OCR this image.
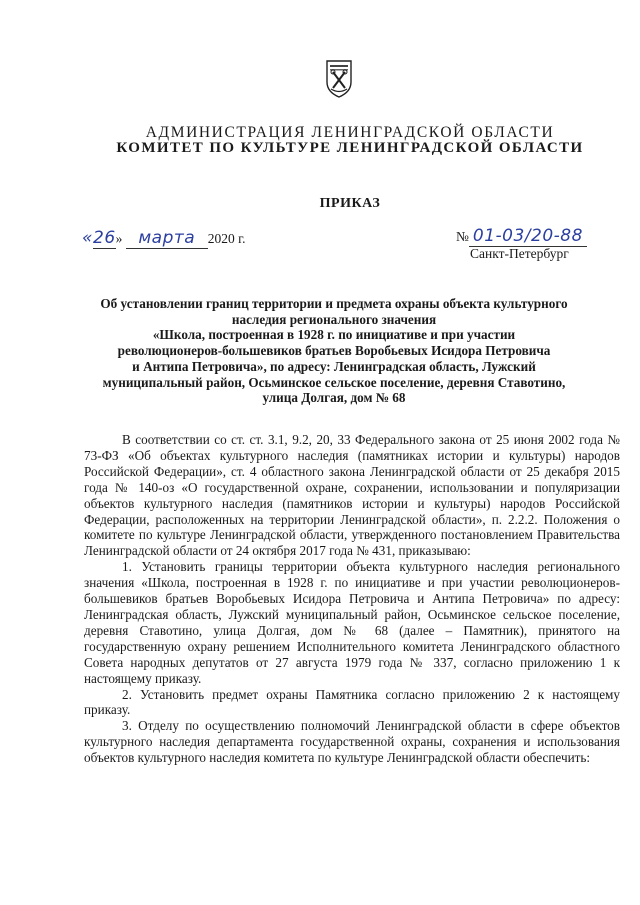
АДМИНИСТРАЦИЯ ЛЕНИНГРАДСКОЙ ОБЛАСТИ
КОМИТЕТ ПО КУЛЬТУРЕ ЛЕНИНГРАДСКОЙ ОБЛАСТИ
ПРИКАЗ
«26» марта 2020 г.	№ 01-03/20-88
Санкт-Петербург
Об установлении границ территории и предмета охраны объекта культурного
наследия регионального значения
«Школа, построенная в 1928 г. по инициативе и при участии
революционеров-большевиков братьев Воробьевых Исидора Петровича
и Антипа Петровича», по адресу: Ленинградская область, Лужский
муниципальный район, Осьминское сельское поселение, деревня Ставотино,
улица Долгая, дом № 68

В соответствии со ст. ст. 3.1, 9.2, 20, 33 Федерального закона от 25 июня 2002 года № 73-ФЗ «Об объектах культурного наследия (памятниках истории и культуры) народов Российской Федерации», ст. 4 областного закона Ленинградской области от 25 декабря 2015 года № 140-оз «О государственной охране, сохранении, использовании и популяризации объектов культурного наследия (памятников истории и культуры) народов Российской Федерации, расположенных на территории Ленинградской области», п. 2.2.2. Положения о комитете по культуре Ленинградской области, утвержденного постановлением Правительства Ленинградской области от 24 октября 2017 года № 431, приказываю:

1. Установить границы территории объекта культурного наследия регионального значения «Школа, построенная в 1928 г. по инициативе и при участии революционеров-большевиков братьев Воробьевых Исидора Петровича и Антипа Петровича» по адресу: Ленинградская область, Лужский муниципальный район, Осьминское сельское поселение, деревня Ставотино, улица Долгая, дом № 68 (далее – Памятник), принятого на государственную охрану решением Исполнительного комитета Ленинградского областного Совета народных депутатов от 27 августа 1979 года № 337, согласно приложению 1 к настоящему приказу.

2. Установить предмет охраны Памятника согласно приложению 2 к настоящему приказу.

3. Отделу по осуществлению полномочий Ленинградской области в сфере объектов культурного наследия департамента государственной охраны, сохранения и использования объектов культурного наследия комитета по культуре Ленинградской области обеспечить:
